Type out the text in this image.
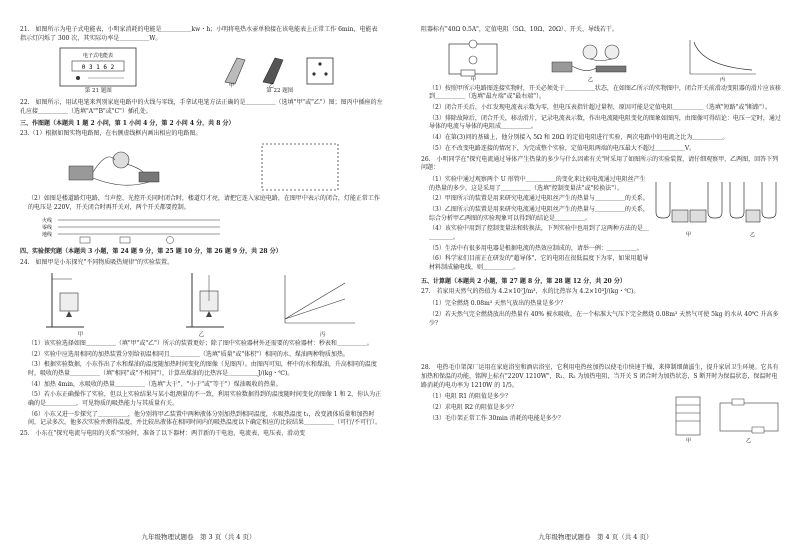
21.　如图所示为电子式电能表，小明家消耗的电能是＿＿＿＿＿kw・h；小明将电热水壶单独接在该电能表上正常工作 6min，电能表指示灯闪烁了 300 次，其实际功率是＿＿＿＿＿W。
电子式电能表
0 3 1 6 2
第 21 题图
甲	乙
第 22 题图
22.　如图所示，用试电笔来判别家庭电路中的火线与零线，手拿试电笔方法正确的是＿＿＿＿＿（选填"甲"或"乙"）图；图丙中插座的左孔应接＿＿＿＿＿（选填"A""B"或"C"）插孔处。
三、作图题（本题共 1 题 2 小问，第 1 小问 4 分，第 2 小问 4 分，共 8 分）
23.（1）根据如图实物电路图，在右侧虚线框内画出相应的电路图。
（2）如图是楼道路灯电路，当声控、光控开关同时闭合时，楼道灯才亮，请把它连入家庭电路，在图甲中表示的闭合，灯能正常工作的电压是 220V，开关闭合时再开关对，两个开关都要控制。
火线
零线
地线
四、实验探究题（本题共 3 小题，第 24 题 9 分，第 25 题 10 分，第 26 题 9 分，共 28 分）
24.　如图甲是小东探究"不同物质吸热规律"的实验装置。
甲	乙	丙
（1）该实验选择如图＿＿＿＿＿（填"甲"或"乙"）所示的装置更好；除了图中实验器材外还需要的实验器材：秒表和＿＿＿＿＿。
（2）实验中应选用相同的加热装置分别给初温相同且＿＿＿＿＿（选填"质量"或"体积"）相同的水、煤油两种物质加热。
（3）根据实验数据，小东作出了水和煤油的温度随加热时间变化的图像（见图丙）。由图丙可知，杯中的水和煤油，升高相同的温度时，吸收的热量＿＿＿＿＿（填"相同"或"不相同"），计算出煤油的比热容是＿＿＿＿＿J/(kg・℃)。
（4）加热 4min，水吸收的热量＿＿＿＿＿（选填"大于"、"小于"或"等于"）煤油吸收的热量。
（5）若小东正确操作了实验，但以上实验结果与某小组测量的不一致，利用实验数据得到的温度随时间变化的图像 1 和 2，你认为正确的是＿＿＿＿＿，可见物质的吸热能力与其质量有关。
（6）小东又进一步探究了＿＿＿＿＿，他分别将甲乙装置中两种液体分别加热到相同温度，水吸热温度 t₁，改变液体质量和加热时间，记录多次，他多次实验并测得温度，并比较出液体在相同时间内的吸热温度以下确定相应的比较结果＿＿＿＿＿（可行/不可行）。
25.　小东在"探究电流与电阻的关系"实验时，准备了以下器材：两节新的干电池、电流表、电压表、滑动变
九年级物理试题卷　第 3 页（共 4 页）
阻器标有"40Ω 0.5A"，定值电阻（5Ω、10Ω、20Ω）、开关、导线若干。
甲	乙	丙
（1）按照甲所示电路图连接实物时，开关必须处于＿＿＿＿＿状态，在如图乙所示的实物图中，闭合开关前滑动变阻器的滑片应该移到＿＿＿＿＿（选填"最左端"或"最右端"）。
（2）闭合开关后，小红发现电流表示数为零，但电压表指针超过量程，原因可能是定值电阻＿＿＿＿＿（选填"短路"或"断路"）。
（3）排除故障后，闭合开关，移动滑片，记录电流表示数，作出电流随电阻变化的图象如图丙，由图像可得结论：电压一定时，通过导体的电流与导体的电阻成＿＿＿＿＿。
（4）在第(3)问的基础上，他分别接入 5Ω 和 20Ω 的定值电阻进行实验，两次电路中的电流之比为＿＿＿＿＿。
（5）在不改变电路连接的情况下，为完成整个实验，定值电阻两端的电压最大不超过＿＿＿＿＿V。
26.　小明同学在"探究电流通过导体产生热量的多少与什么因素有关"时采用了如图所示的实验装置，请仔细观察甲、乙两图，回答下列问题：
（1）实验中通过观察两个 U 形管中＿＿＿＿＿的变化来比较电流通过电阻丝产生的热量的多少。这是采用了＿＿＿＿＿（选填"控制变量法"或"转换法"）。
（2）甲图所示的装置是用来研究电流通过电阻丝产生的热量与＿＿＿＿＿的关系。
（3）乙图所示的装置是用来研究电流通过电阻丝产生的热量与＿＿＿＿＿的关系，综合分析甲乙两图的实验现象可以得到的结论是＿＿＿＿＿。
（4）该实验中用到了控制变量法和转换法，下列实验中也用到了这两种方法的是＿＿＿＿＿。
（5）生活中有很多用电器是根据电流的热效应制成的，请举一例：＿＿＿＿＿。
（6）科学家们目前正在研发的"超导体"，它的电阻在很低温度下为零，如果用超导材料制成输电线，则＿＿＿＿＿。
甲	乙
五、计算题（本题共 2 小题，第 27 题 8 分，第 28 题 12 分，共 20 分）
27.　若家用天然气的热值为 4.2×10⁷J/m³，水的比热容为 4.2×10³J/(kg・℃)。
（1）完全燃烧 0.08m³ 天然气放出的热量是多少？
（2）若天然气完全燃烧放出的热量有 40% 被水吸收，在一个标准大气压下完全燃烧 0.08m³ 天然气可使 5kg 的水从 40℃ 升高多少？
28.　电热毛巾架深厂运用在家庭浴室和酒店浴室，它利用电热丝加热以使毛巾快速干燥，来抑制细菌滋生，提升家居卫生环境。它具有加热和保温的功能，铭牌上标有"220V 1210W"，R₁、R₂ 为加热电阻，当开关 S 闭合时为加热状态，S 断开时为保温状态，保温时电路消耗的电功率为 1210W 的 1/5。
（1）电阻 R1 的阻值是多少？
（2）求电阻 R2 的阻值是多少？
（3）毛巾架正常工作 30min 消耗的电能是多少？
甲	乙
九年级物理试题卷　第 4 页（共 4 页）
